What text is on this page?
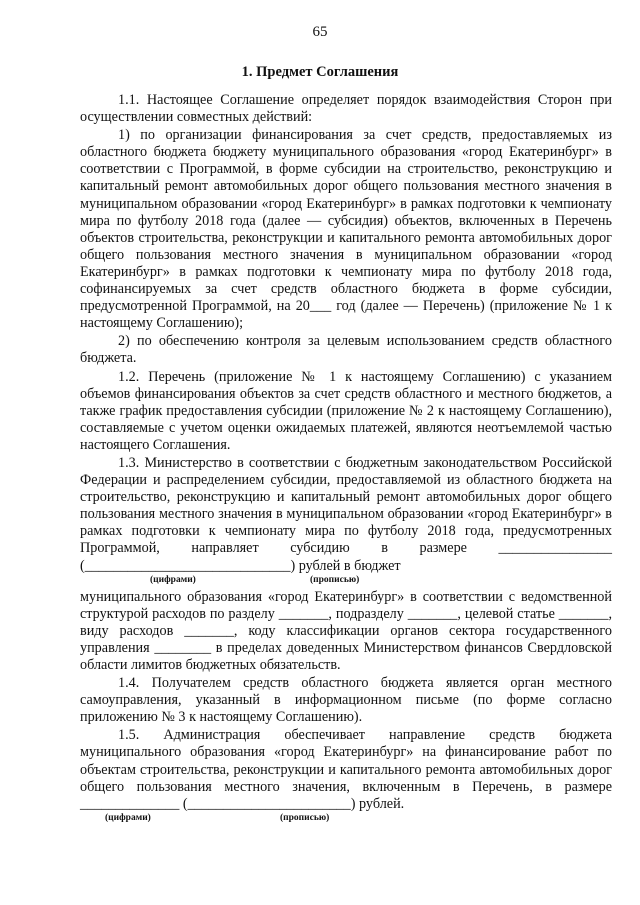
65
1. Предмет Соглашения

1.1. Настоящее Соглашение определяет порядок взаимодействия Сторон при осуществлении совместных действий:

1) по организации финансирования за счет средств, предоставляемых из областного бюджета бюджету муниципального образования «город Екатеринбург» в соответствии с Программой, в форме субсидии на строительство, реконструкцию и капитальный ремонт автомобильных дорог общего пользования местного значения в муниципальном образовании «город Екатеринбург» в рамках подготовки к чемпионату мира по футболу 2018 года (далее — субсидия) объектов, включенных в Перечень объектов строительства, реконструкции и капитального ремонта автомобильных дорог общего пользования местного значения в муниципальном образовании «город Екатеринбург» в рамках подготовки к чемпионату мира по футболу 2018 года, софинансируемых за счет средств областного бюджета в форме субсидии, предусмотренной Программой, на 20___ год (далее — Перечень) (приложение № 1 к настоящему Соглашению);

2) по обеспечению контроля за целевым использованием средств областного бюджета.

1.2. Перечень (приложение № 1 к настоящему Соглашению) с указанием объемов финансирования объектов за счет средств областного и местного бюджетов, а также график предоставления субсидии (приложение № 2 к настоящему Соглашению), составляемые с учетом оценки ожидаемых платежей, являются неотъемлемой частью настоящего Соглашения.

1.3. Министерство в соответствии с бюджетным законодательством Российской Федерации и распределением субсидии, предоставляемой из областного бюджета на строительство, реконструкцию и капитальный ремонт автомобильных дорог общего пользования местного значения в муниципальном образовании «город Екатеринбург» в рамках подготовки к чемпионату мира по футболу 2018 года, предусмотренных Программой, направляет субсидию в размере ________________ (_____________________________) рублей в бюджет

(цифрами)	(прописью)

муниципального образования «город Екатеринбург» в соответствии с ведомственной структурой расходов по разделу _______, подразделу _______, целевой статье _______, виду расходов _______, коду классификации органов сектора государственного управления ________ в пределах доведенных Министерством финансов Свердловской области лимитов бюджетных обязательств.

1.4. Получателем средств областного бюджета является орган местного самоуправления, указанный в информационном письме (по форме согласно приложению № 3 к настоящему Соглашению).

1.5. Администрация обеспечивает направление средств бюджета муниципального образования «город Екатеринбург» на финансирование работ по объектам строительства, реконструкции и капитального ремонта автомобильных дорог общего пользования местного значения, включенным в Перечень, в размере ______________ (_______________________) рублей.

(цифрами)	(прописью)
